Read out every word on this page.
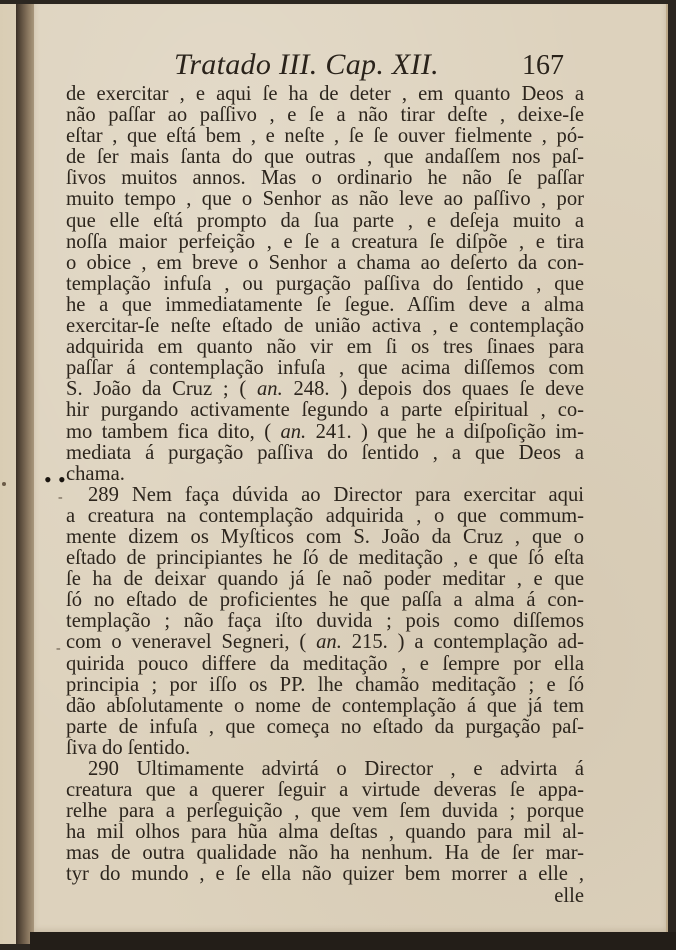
Tratado III. Cap. XII.	167
de exercitar , e aqui ſe ha de deter , em quanto Deos a
não paſſar ao paſſivo , e ſe a não tirar deſte , deixe-ſe
eſtar , que eſtá bem , e neſte , ſe ſe ouver fielmente , pó-
de ſer mais ſanta do que outras , que andaſſem nos paſ-
ſivos muitos annos. Mas o ordinario he não ſe paſſar
muito tempo , que o Senhor as não leve ao paſſivo , por
que elle eſtá prompto da ſua parte , e deſeja muito a
noſſa maior perfeição , e ſe a creatura ſe diſpõe , e tira
o obice , em breve o Senhor a chama ao deſerto da con-
templação infuſa , ou purgação paſſiva do ſentido , que
he a que immediatamente ſe ſegue. Aſſim deve a alma
exercitar-ſe neſte eſtado de união activa , e contemplação
adquirida em quanto não vir em ſi os tres ſinaes para
paſſar á contemplação infuſa , que acima diſſemos com
S. João da Cruz ; ( an. 248. ) depois dos quaes ſe deve
hir purgando activamente ſegundo a parte eſpiritual , co-
mo tambem fica dito, ( an. 241. ) que he a diſpoſição im-
mediata á purgação paſſiva do ſentido , a que Deos a
chama.
289 Nem faça dúvida ao Director para exercitar aqui
a creatura na contemplação adquirida , o que commum-
mente dizem os Myſticos com S. João da Cruz , que o
eſtado de principiantes he ſó de meditação , e que ſó eſta
ſe ha de deixar quando já ſe naõ poder meditar , e que
ſó no eſtado de proficientes he que paſſa a alma á con-
templação ; não faça iſto duvida ; pois como diſſemos
com o veneravel Segneri, ( an. 215. ) a contemplação ad-
quirida pouco differe da meditação , e ſempre por ella
principia ; por iſſo os PP. lhe chamão meditação ; e ſó
dão abſolutamente o nome de contemplação á que já tem
parte de infuſa , que começa no eſtado da purgação paſ-
ſiva do ſentido.
290 Ultimamente advirtá o Director , e advirta á
creatura que a querer ſeguir a virtude deveras ſe appa-
relhe para a perſeguição , que vem ſem duvida ; porque
ha mil olhos para hũa alma deſtas , quando para mil al-
mas de outra qualidade não ha nenhum. Ha de ſer mar-
tyr do mundo , e ſe ella não quizer bem morrer a elle ,
elle
• •
-
-
